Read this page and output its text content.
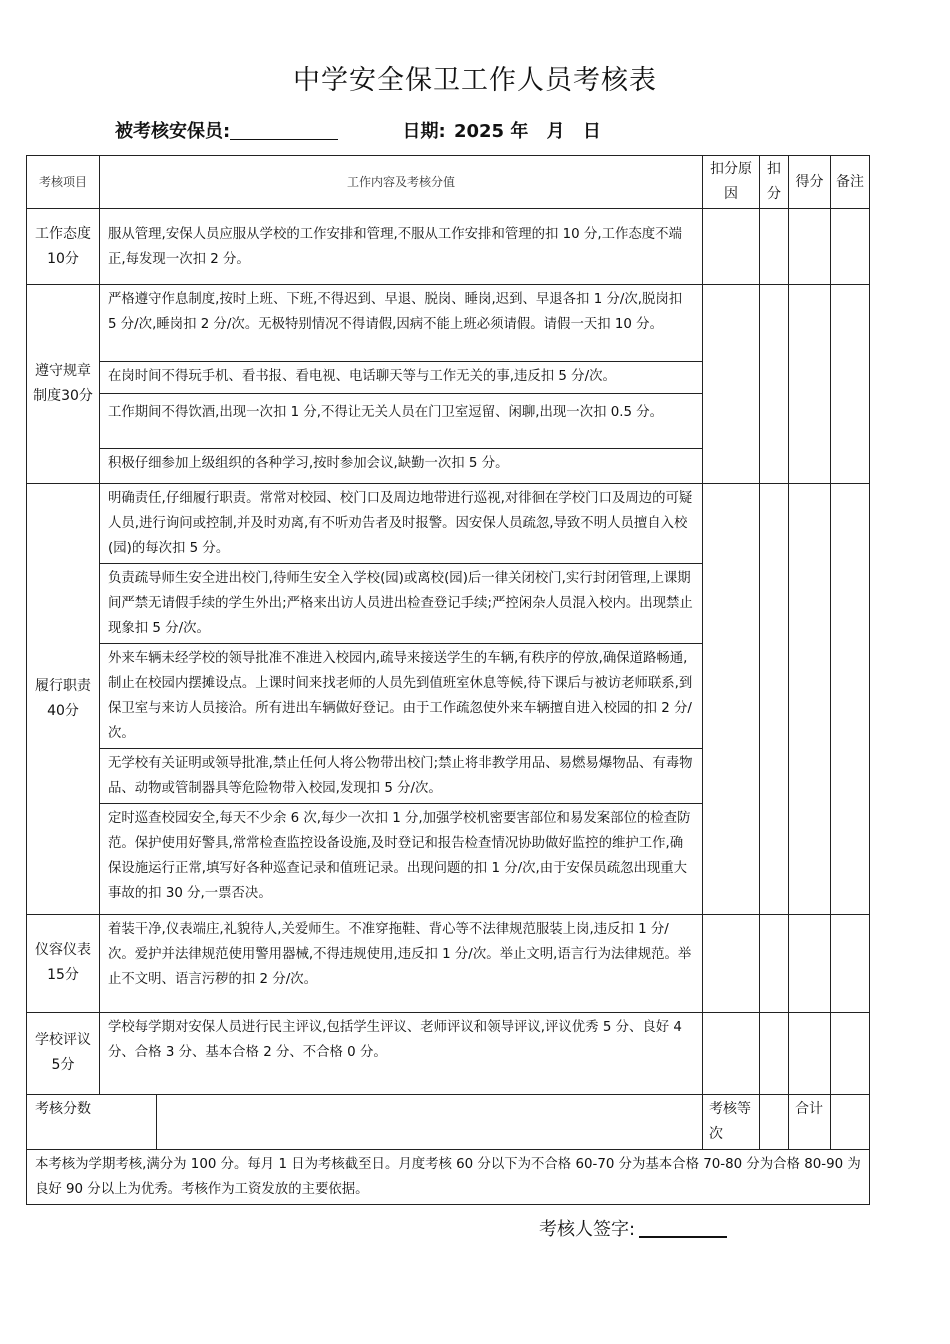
中学安全保卫工作人员考核表
被考核安保员:	日期: 2025 年 月 日
考核项目	工作内容及考核分值	扣分原因	扣分	得分	备注
工作态度10分	服从管理,安保人员应服从学校的工作安排和管理,不服从工作安排和管理的扣 10 分,工作态度不端正,每发现一次扣 2 分。				
遵守规章制度30分	
严格遵守作息制度,按时上班、下班,不得迟到、早退、脱岗、睡岗,迟到、早退各扣 1 分/次,脱岗扣 5 分/次,睡岗扣 2 分/次。无极特别情况不得请假,因病不能上班必须请假。请假一天扣 10 分。
在岗时间不得玩手机、看书报、看电视、电话聊天等与工作无关的事,违反扣 5 分/次。
工作期间不得饮酒,出现一次扣 1 分,不得让无关人员在门卫室逗留、闲聊,出现一次扣 0.5 分。
积极仔细参加上级组织的各种学习,按时参加会议,缺勤一次扣 5 分。

履行职责40分	
明确责任,仔细履行职责。常常对校园、校门口及周边地带进行巡视,对徘徊在学校门口及周边的可疑人员,进行询问或控制,并及时劝离,有不听劝告者及时报警。因安保人员疏忽,导致不明人员擅自入校(园)的每次扣 5 分。
负责疏导师生安全进出校门,待师生安全入学校(园)或离校(园)后一律关闭校门,实行封闭管理,上课期间严禁无请假手续的学生外出;严格来出访人员进出检查登记手续;严控闲杂人员混入校内。出现禁止现象扣 5 分/次。
外来车辆未经学校的领导批准不准进入校园内,疏导来接送学生的车辆,有秩序的停放,确保道路畅通,制止在校园内摆摊设点。上课时间来找老师的人员先到值班室休息等候,待下课后与被访老师联系,到保卫室与来访人员接洽。所有进出车辆做好登记。由于工作疏忽使外来车辆擅自进入校园的扣 2 分/次。
无学校有关证明或领导批准,禁止任何人将公物带出校门;禁止将非教学用品、易燃易爆物品、有毒物品、动物或管制器具等危险物带入校园,发现扣 5 分/次。
定时巡查校园安全,每天不少余 6 次,每少一次扣 1 分,加强学校机密要害部位和易发案部位的检查防范。保护使用好警具,常常检查监控设备设施,及时登记和报告检查情况协助做好监控的维护工作,确保设施运行正常,填写好各种巡查记录和值班记录。出现问题的扣 1 分/次,由于安保员疏忽出现重大事故的扣 30 分,一票否决。

仪容仪表15分	着装干净,仪表端庄,礼貌待人,关爱师生。不准穿拖鞋、背心等不法律规范服装上岗,违反扣 1 分/次。爱护并法律规范使用警用器械,不得违规使用,违反扣 1 分/次。举止文明,语言行为法律规范。举止不文明、语言污秽的扣 2 分/次。				
学校评议5分	学校每学期对安保人员进行民主评议,包括学生评议、老师评议和领导评议,评议优秀 5 分、良好 4 分、合格 3 分、基本合格 2 分、不合格 0 分。				
考核分数		考核等次		合计	
本考核为学期考核,满分为 100 分。每月 1 日为考核截至日。月度考核 60 分以下为不合格 60-70 分为基本合格 70-80 分为合格 80-90 为良好 90 分以上为优秀。考核作为工资发放的主要依据。
考核人签字:
